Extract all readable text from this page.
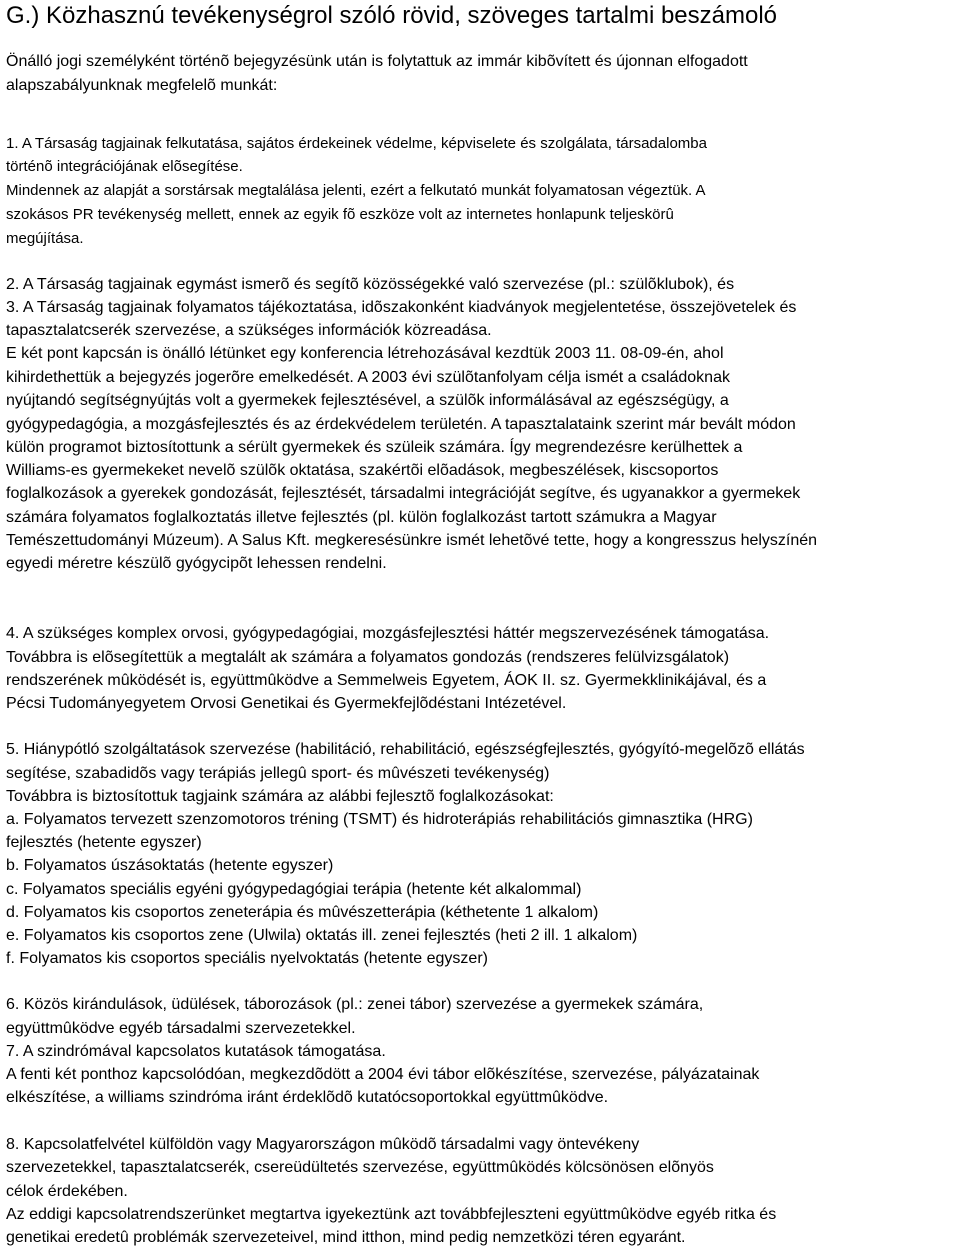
G.) Közhasznú tevékenységrol szóló rövid, szöveges tartalmi beszámoló

Önálló jogi személyként történõ bejegyzésünk után is folytattuk az immár kibõvített és újonnan elfogadott

alapszabályunknak megfelelõ munkát:

1. A Társaság tagjainak felkutatása, sajátos érdekeinek védelme, képviselete és szolgálata, társadalomba

történõ integrációjának elõsegítése.

Mindennek az alapját a sorstársak megtalálása jelenti, ezért a felkutató munkát folyamatosan végeztük. A

szokásos PR tevékenység mellett, ennek az egyik fõ eszköze volt az internetes honlapunk teljeskörû

megújítása.

2. A Társaság tagjainak egymást ismerõ és segítõ közösségekké való szervezése (pl.: szülõklubok), és

3. A Társaság tagjainak folyamatos tájékoztatása, idõszakonként kiadványok megjelentetése, összejövetelek és

tapasztalatcserék szervezése, a szükséges információk közreadása.

E két pont kapcsán is önálló létünket egy konferencia létrehozásával kezdtük 2003 11. 08-09-én, ahol

kihirdethettük a bejegyzés jogerõre emelkedését. A 2003 évi szülõtanfolyam célja ismét a családoknak

nyújtandó segítségnyújtás volt a gyermekek fejlesztésével, a szülõk informálásával az egészségügy, a

gyógypedagógia, a mozgásfejlesztés és az érdekvédelem területén. A tapasztalataink szerint már bevált módon

külön programot biztosítottunk a sérült gyermekek és szüleik számára. Így megrendezésre kerülhettek a

Williams-es gyermekeket nevelõ szülõk oktatása, szakértõi elõadások, megbeszélések, kiscsoportos

foglalkozások a gyerekek gondozását, fejlesztését, társadalmi integrációját segítve, és ugyanakkor a gyermekek

számára folyamatos foglalkoztatás illetve fejlesztés (pl. külön foglalkozást tartott számukra a Magyar

Temészettudományi Múzeum). A Salus Kft. megkeresésünkre ismét lehetõvé tette, hogy a kongresszus helyszínén

egyedi méretre készülõ gyógycipõt lehessen rendelni.

4. A szükséges komplex orvosi, gyógypedagógiai, mozgásfejlesztési háttér megszervezésének támogatása.

Továbbra is elõsegítettük a megtalált ak számára a folyamatos gondozás (rendszeres felülvizsgálatok)

rendszerének mûködését is, együttmûködve a Semmelweis Egyetem, ÁOK II. sz. Gyermekklinikájával, és a

Pécsi Tudományegyetem Orvosi Genetikai és Gyermekfejlõdéstani Intézetével.

5. Hiánypótló szolgáltatások szervezése (habilitáció, rehabilitáció, egészségfejlesztés, gyógyító-megelõzõ ellátás

segítése, szabadidõs vagy terápiás jellegû sport- és mûvészeti tevékenység)

Továbbra is biztosítottuk tagjaink számára az alábbi fejlesztõ foglalkozásokat:

a. Folyamatos tervezett szenzomotoros tréning (TSMT) és hidroterápiás rehabilitációs gimnasztika (HRG)

fejlesztés (hetente egyszer)

b. Folyamatos úszásoktatás (hetente egyszer)

c. Folyamatos speciális egyéni gyógypedagógiai terápia (hetente két alkalommal)

d. Folyamatos kis csoportos zeneterápia és mûvészetterápia (kéthetente 1 alkalom)

e. Folyamatos kis csoportos zene (Ulwila) oktatás ill. zenei fejlesztés (heti 2 ill. 1 alkalom)

f. Folyamatos kis csoportos speciális nyelvoktatás (hetente egyszer)

6. Közös kirándulások, üdülések, táborozások (pl.: zenei tábor) szervezése a gyermekek számára,

együttmûködve egyéb társadalmi szervezetekkel.

7. A szindrómával kapcsolatos kutatások támogatása.

A fenti két ponthoz kapcsolódóan, megkezdõdött a 2004 évi tábor elõkészítése, szervezése, pályázatainak

elkészítése, a williams szindróma iránt érdeklõdõ kutatócsoportokkal együttmûködve.

8. Kapcsolatfelvétel külföldön vagy Magyarországon mûködõ társadalmi vagy öntevékeny

szervezetekkel, tapasztalatcserék, csereüdültetés szervezése, együttmûködés kölcsönösen elõnyös

célok érdekében.

Az eddigi kapcsolatrendszerünket megtartva igyekeztünk azt továbbfejleszteni együttmûködve egyéb ritka és

genetikai eredetû problémák szervezeteivel, mind itthon, mind pedig nemzetközi téren egyaránt.
